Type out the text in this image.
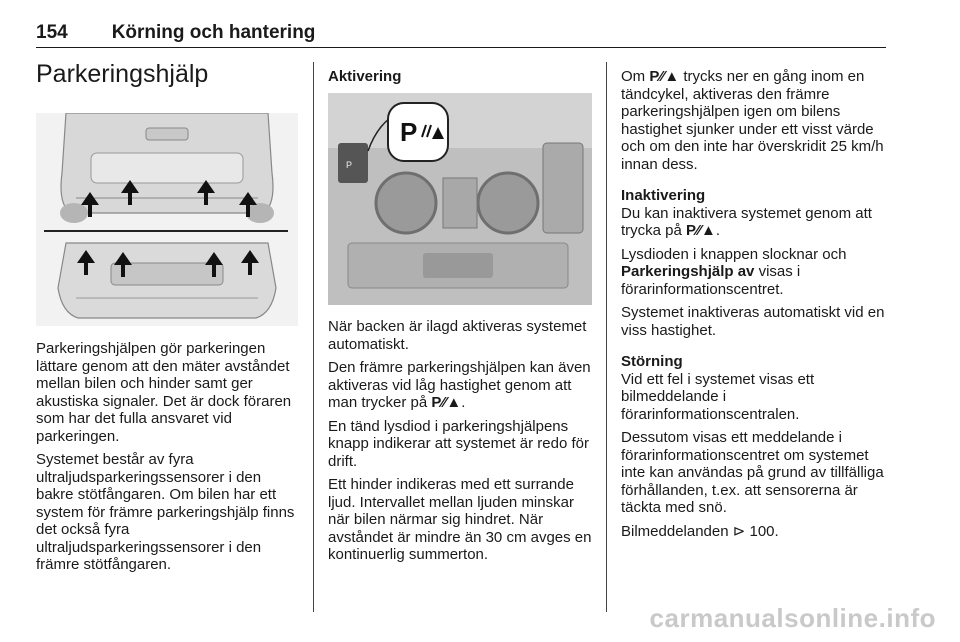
154 Körning och hantering
Parkeringshjälp

Parkeringshjälpen gör parkeringen lättare genom att den mäter avståndet mellan bilen och hinder samt ger akustiska signaler. Det är dock föraren som har det fulla ansvaret vid parkeringen.

Systemet består av fyra ultraljudsparkeringssensorer i den bakre stötfångaren. Om bilen har ett system för främre parkeringshjälp finns det också fyra ultraljudsparkeringssensorer i den främre stötfångaren.

Aktivering
P
P

När backen är ilagd aktiveras systemet automatiskt.

Den främre parkeringshjälpen kan även aktiveras vid låg hastighet genom att man trycker på P⁄⁄▲.

En tänd lysdiod i parkeringshjälpens knapp indikerar att systemet är redo för drift.

Ett hinder indikeras med ett surrande ljud. Intervallet mellan ljuden minskar när bilen närmar sig hindret. När avståndet är mindre än 30 cm avges en kontinuerlig summerton.

Om P⁄⁄▲ trycks ner en gång inom en tändcykel, aktiveras den främre parkeringshjälpen igen om bilens hastighet sjunker under ett visst värde och om den inte har överskridit 25 km/h innan dess.

Inaktivering

Du kan inaktivera systemet genom att trycka på P⁄⁄▲.

Lysdioden i knappen slocknar och Parkeringshjälp av visas i förarinformationscentret.

Systemet inaktiveras automatiskt vid en viss hastighet.

Störning

Vid ett fel i systemet visas ett bilmeddelande i förarinformationscentralen.

Dessutom visas ett meddelande i förarinformationscentret om systemet inte kan användas på grund av tillfälliga förhållanden, t.ex. att sensorerna är täckta med snö.

Bilmeddelanden ⊳ 100.

carmanualsonline.info
